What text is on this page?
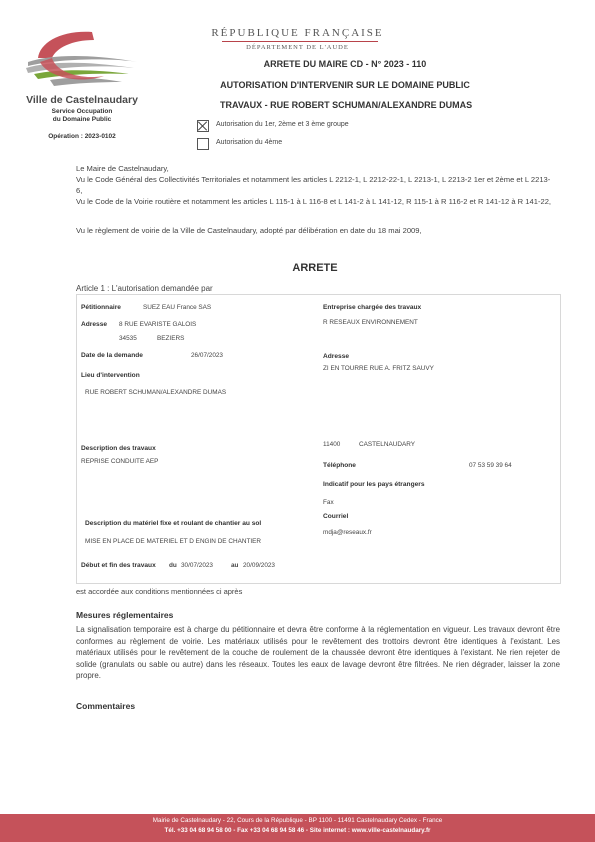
Ville de Castelnaudary
Service Occupation
du Domaine Public
Opération : 2023-0102
RÉPUBLIQUE FRANÇAISE
DÉPARTEMENT DE L'AUDE
ARRETE DU MAIRE CD - N° 2023 - 110
AUTORISATION D'INTERVENIR SUR LE DOMAINE PUBLIC
TRAVAUX - RUE ROBERT SCHUMAN/ALEXANDRE DUMAS
Autorisation du 1er, 2ème et 3 ème groupe
Autorisation du 4ème
Le Maire de Castelnaudary,
Vu le Code Général des Collectivités Territoriales et notamment les articles L 2212-1, L 2212-22-1, L 2213-1, L 2213-2 1er et 2ème et L 2213-6,
Vu le Code de la Voirie routière et notamment les articles L 115-1 à L 116-8 et L 141-2 à L 141-12, R 115-1 à R 116-2 et R 141-12 à R 141-22,
Vu le règlement de voirie de la Ville de Castelnaudary, adopté par délibération en date du 18 mai 2009,
ARRETE
Article 1 : L'autorisation demandée par
Pétitionnaire	SUEZ EAU France SAS
Adresse 8 RUE EVARISTE GALOIS
34535	BEZIERS
Date de la demande	26/07/2023
Lieu d'intervention
RUE ROBERT SCHUMAN/ALEXANDRE DUMAS
Description des travaux
REPRISE CONDUITE AEP
Description du matériel fixe et roulant de chantier au sol
MISE EN PLACE DE MATERIEL ET D ENGIN DE CHANTIER
Début et fin des travaux du 30/07/2023	au 20/09/2023
Entreprise chargée des travaux
R RESEAUX ENVIRONNEMENT
Adresse
ZI EN TOURRE RUE A. FRITZ SAUVY
11400	CASTELNAUDARY
Téléphone	07 53 59 39 64
Indicatif pour les pays étrangers
Fax
Courriel
mdja@reseaux.fr
est accordée aux conditions mentionnées ci après
Mesures réglementaires
La signalisation temporaire est à charge du pétitionnaire et devra être conforme à la réglementation en vigueur. Les travaux devront être conformes au règlement de voirie. Les matériaux utilisés pour le revêtement des trottoirs devront être identiques à l'existant. Les matériaux utilisés pour le revêtement de la couche de roulement de la chaussée devront être identiques à l'existant. Ne rien rejeter de solide (granulats ou sable ou autre) dans les réseaux. Toutes les eaux de lavage devront être filtrées. Ne rien dégrader, laisser la zone propre.
Commentaires
Mairie de Castelnaudary - 22, Cours de la République - BP 1100 - 11491 Castelnaudary Cedex - France
Tél. +33 04 68 94 58 00 - Fax +33 04 68 94 58 46 - Site internet : www.ville-castelnaudary.fr
